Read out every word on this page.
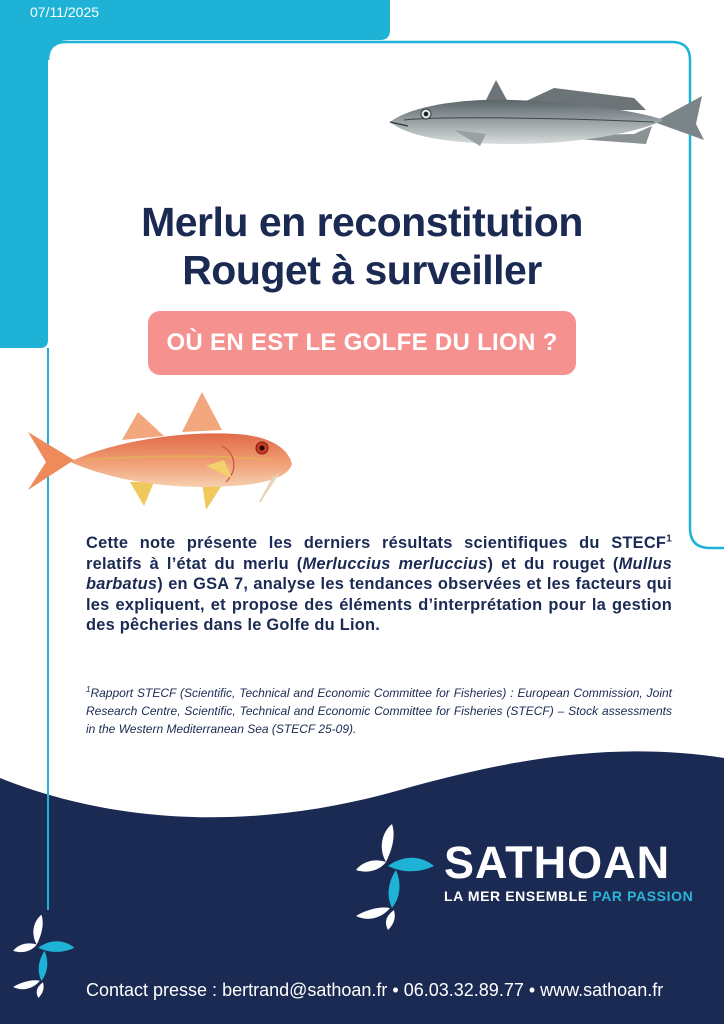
07/11/2025
Merlu en reconstitution
Rouget à surveiller
OÙ EN EST LE GOLFE DU LION ?
Cette note présente les derniers résultats scientifiques du STECF$^1$ relatifs à l’état du merlu (Merluccius merluccius) et du rouget (Mullus barbatus) en GSA 7, analyse les tendances observées et les facteurs qui les expliquent, et propose des éléments d’interprétation pour la gestion des pêcheries dans le Golfe du Lion.
$^1$Rapport STECF (Scientific, Technical and Economic Committee for Fisheries) : European Commission, Joint Research Centre, Scientific, Technical and Economic Committee for Fisheries (STECF) – Stock assessments in the Western Mediterranean Sea (STECF 25-09).
SATHOAN
LA MER ENSEMBLE PAR PASSION
Contact presse : bertrand@sathoan.fr • 06.03.32.89.77 • www.sathoan.fr
